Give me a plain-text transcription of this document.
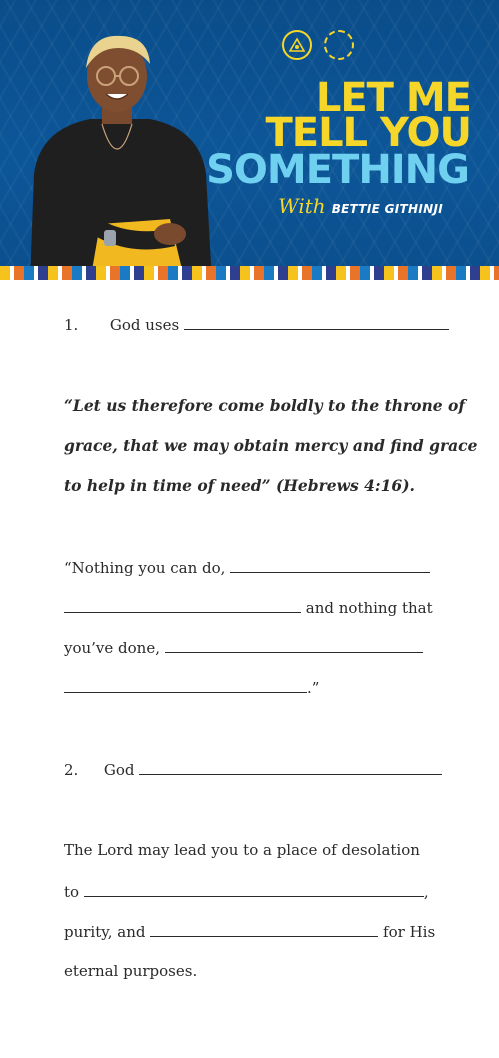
LET ME
TELL YOU
SOMETHING
With BETTIE GITHINJI
1. God uses
“Let us therefore come boldly to the throne of
grace, that we may obtain mercy and find grace
to help in time of need” (Hebrews 4:16).
“Nothing you can do,
and nothing that
you’ve done,
.”
2. God
The Lord may lead you to a place of desolation
to	,
purity, and	for His
eternal purposes.
